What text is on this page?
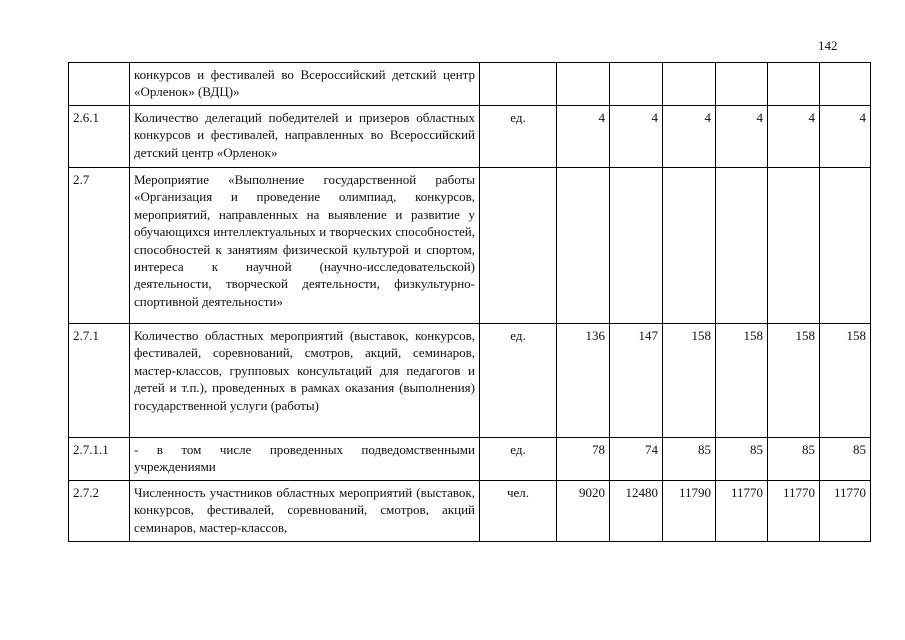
142
	конкурсов и фестивалей во Всероссийский детский центр «Орленок» (ВДЦ)»							
2.6.1	Количество делегаций победителей и призеров областных конкурсов и фестивалей, направленных во Всероссийский детский центр «Орленок»	ед.	4	4	4	4	4	4
2.7	Мероприятие «Выполнение государственной работы «Организация и проведение олимпиад, конкурсов, мероприятий, направленных на выявление и развитие у обучающихся интеллектуальных и творческих способностей, способностей к занятиям физической культурой и спортом, интереса к научной (научно-исследовательской) деятельности, творческой деятельности, физкультурно-спортивной деятельности»							
2.7.1	Количество областных мероприятий (выставок, конкурсов, фестивалей, соревнований, смотров, акций, семинаров, мастер-классов, групповых консультаций для педагогов и детей и т.п.), проведенных в рамках оказания (выполнения) государственной услуги (работы)	ед.	136	147	158	158	158	158
2.7.1.1	- в том числе проведенных подведомственными учреждениями	ед.	78	74	85	85	85	85
2.7.2	Численность участников областных мероприятий (выставок, конкурсов, фестивалей, соревнований, смотров, акций семинаров, мастер-классов,	чел.	9020	12480	11790	11770	11770	11770
